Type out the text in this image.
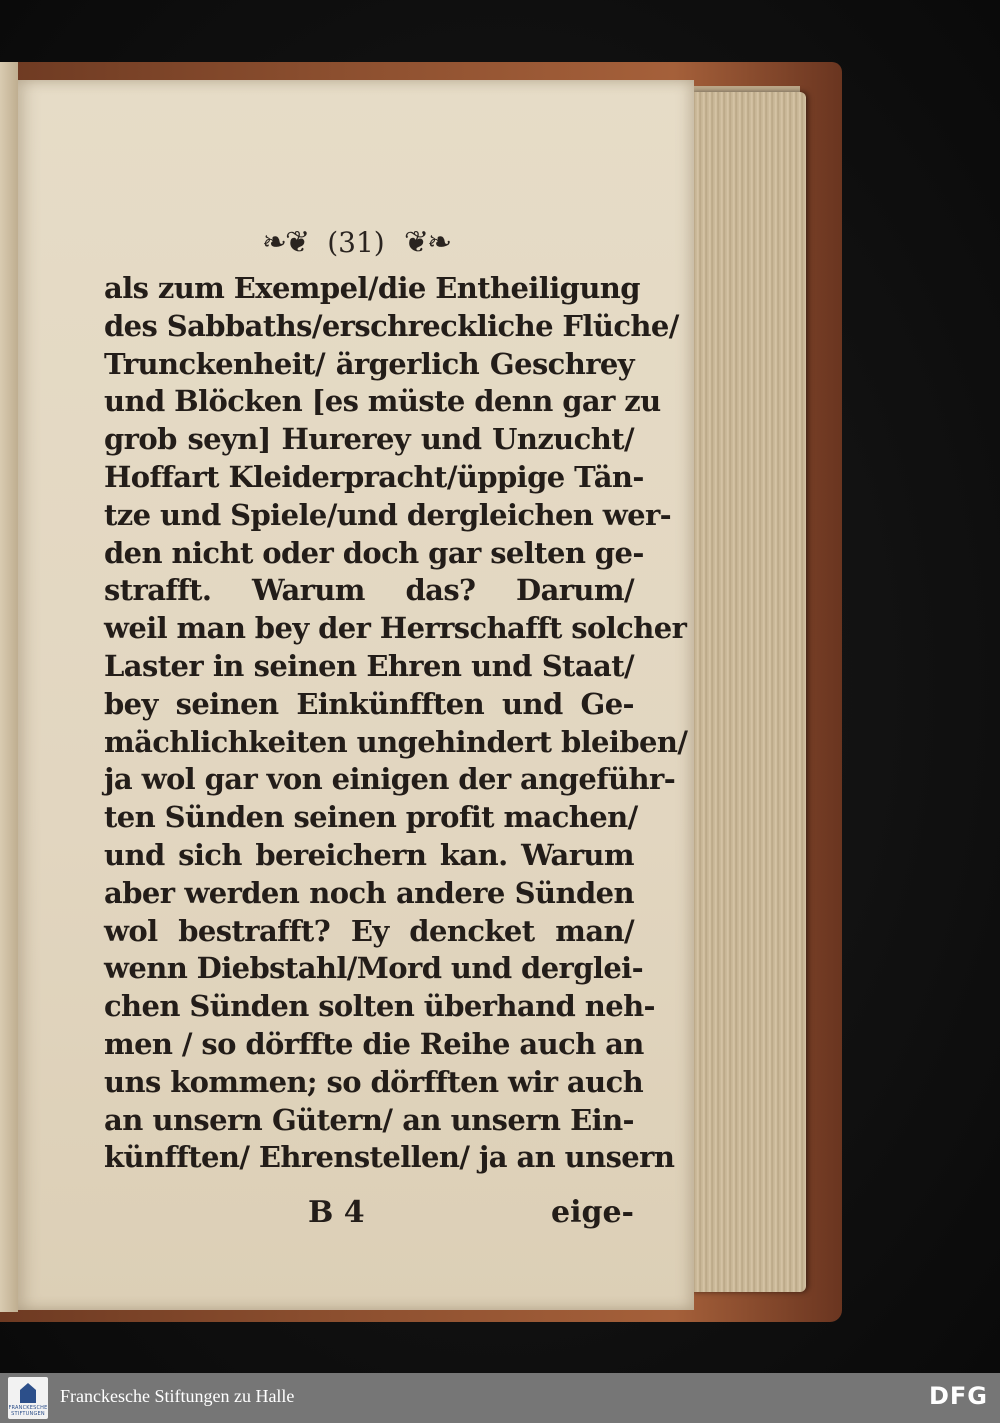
❧❦ (31) ❦❧
als zum Exempel/die Entheiligung
des Sabbaths/erschreckliche Flüche/
Trunckenheit/ ärgerlich Geschrey
und Blöcken [es müste denn gar zu
grob seyn] Hurerey und Unzucht/
Hoffart Kleiderpracht/üppige Tän-
tze und Spiele/und dergleichen wer-
den nicht oder doch gar selten ge-
strafft. Warum das? Darum/
weil man bey der Herrschafft solcher
Laster in seinen Ehren und Staat/
bey seinen Einkünfften und Ge-
mächlichkeiten ungehindert bleiben/
ja wol gar von einigen der angeführ-
ten Sünden seinen profit machen/
und sich bereichern kan. Warum
aber werden noch andere Sünden
wol bestrafft? Ey dencket man/
wenn Diebstahl/Mord und derglei-
chen Sünden solten überhand neh-
men / so dörffte die Reihe auch an
uns kommen; so dörfften wir auch
an unsern Gütern/ an unsern Ein-
künfften/ Ehrenstellen/ ja an unsern
B 4	eige-
FRANCKESCHE STIFTUNGEN
Franckesche Stiftungen zu Halle	DFG
